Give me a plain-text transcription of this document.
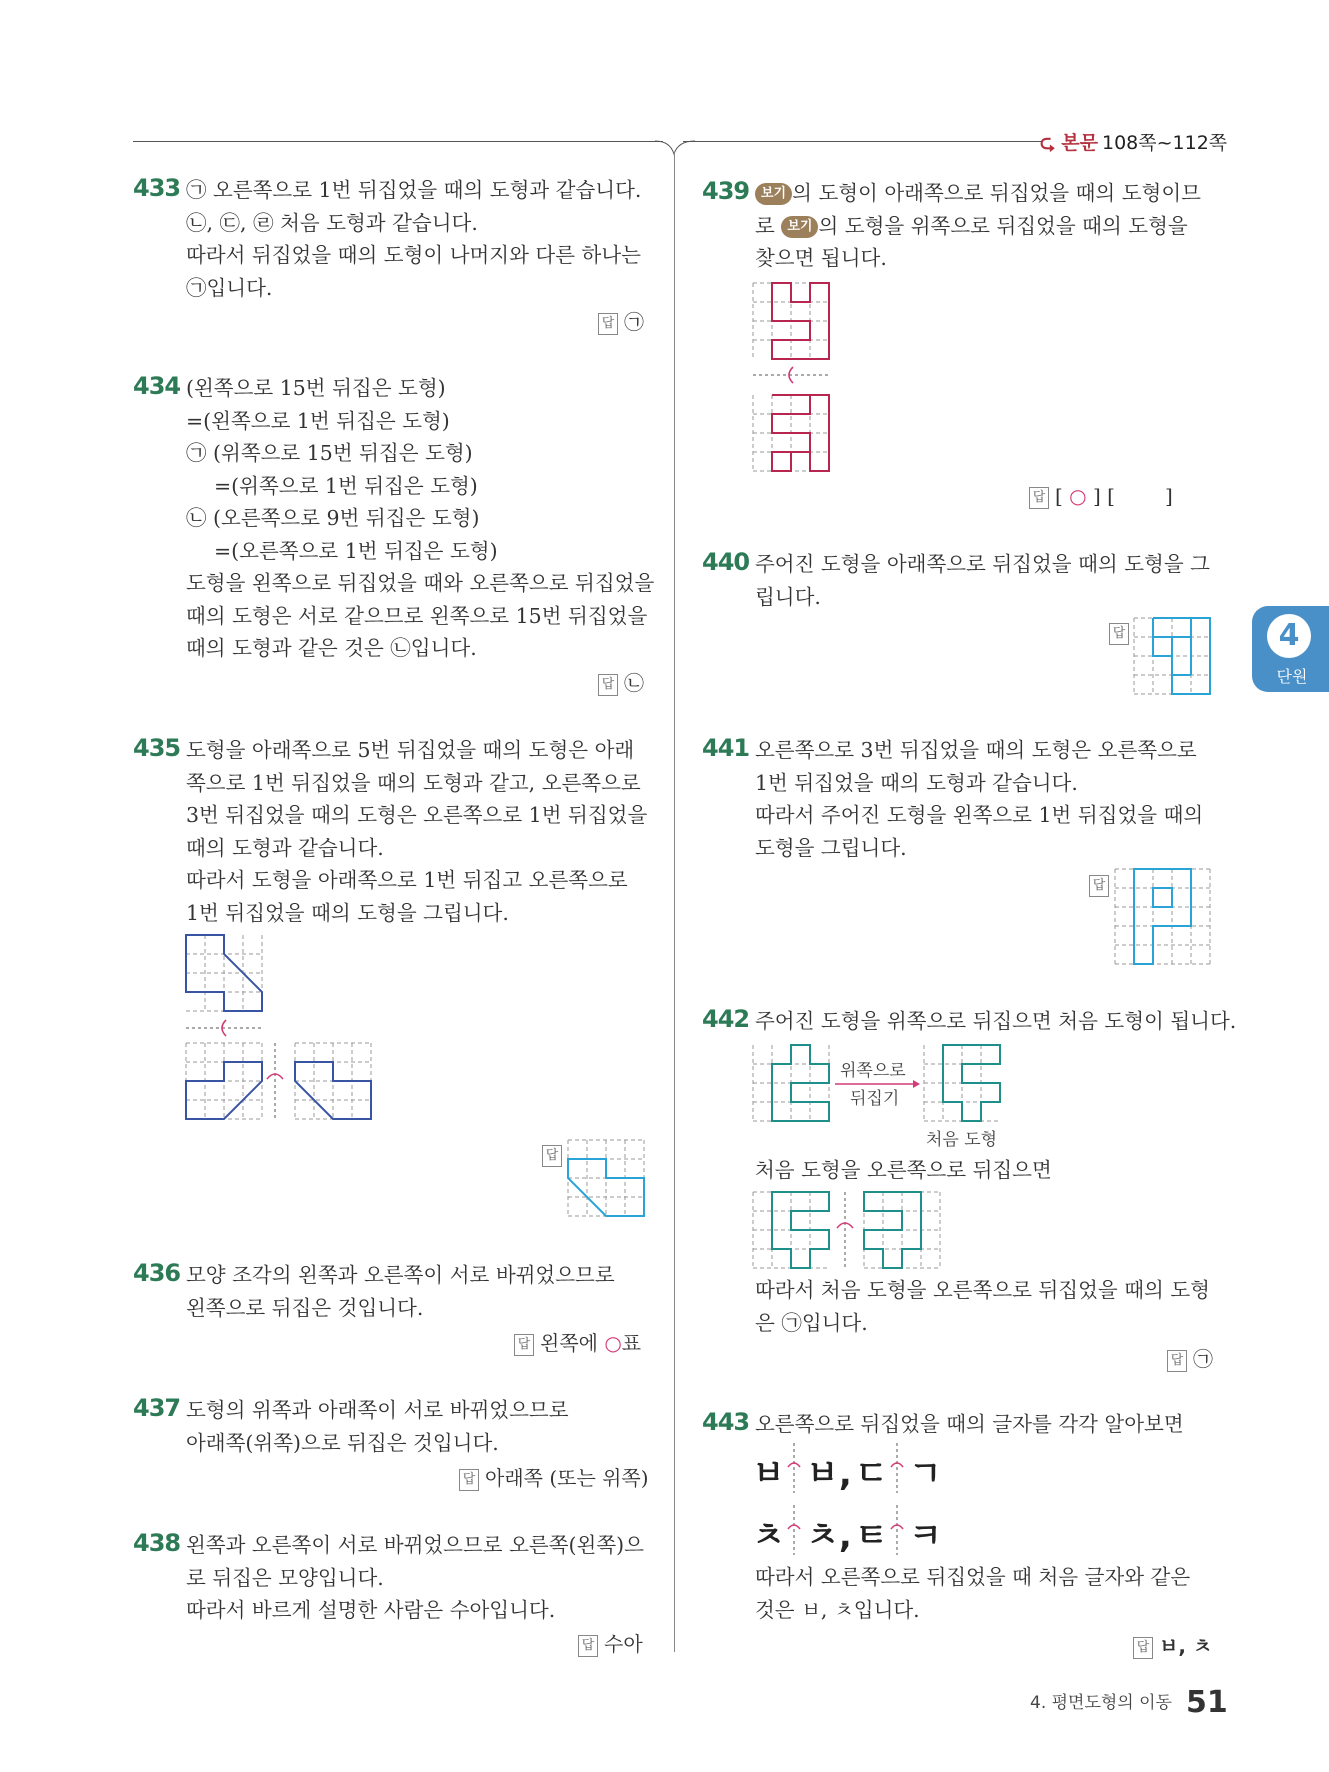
⮎ 본문 108쪽~112쪽
4
단원
433 ㉠ 오른쪽으로 1번 뒤집었을 때의 도형과 같습니다.
㉡, ㉢, ㉣ 처음 도형과 같습니다.
따라서 뒤집었을 때의 도형이 나머지와 다른 하나는
㉠입니다.
답 ㉠
434 (왼쪽으로 15번 뒤집은 도형)
=(왼쪽으로 1번 뒤집은 도형)
㉠ (위쪽으로 15번 뒤집은 도형)
=(위쪽으로 1번 뒤집은 도형)
㉡ (오른쪽으로 9번 뒤집은 도형)
=(오른쪽으로 1번 뒤집은 도형)
도형을 왼쪽으로 뒤집었을 때와 오른쪽으로 뒤집었을
때의 도형은 서로 같으므로 왼쪽으로 15번 뒤집었을
때의 도형과 같은 것은 ㉡입니다.
답 ㉡
435 도형을 아래쪽으로 5번 뒤집었을 때의 도형은 아래
쪽으로 1번 뒤집었을 때의 도형과 같고, 오른쪽으로
3번 뒤집었을 때의 도형은 오른쪽으로 1번 뒤집었을
때의 도형과 같습니다.
따라서 도형을 아래쪽으로 1번 뒤집고 오른쪽으로
1번 뒤집었을 때의 도형을 그립니다.
답
436 모양 조각의 왼쪽과 오른쪽이 서로 바뀌었으므로
왼쪽으로 뒤집은 것입니다.
답 왼쪽에 ○표
437 도형의 위쪽과 아래쪽이 서로 바뀌었으므로
아래쪽(위쪽)으로 뒤집은 것입니다.
답 아래쪽 (또는 위쪽)
438 왼쪽과 오른쪽이 서로 바뀌었으므로 오른쪽(왼쪽)으
로 뒤집은 모양입니다.
따라서 바르게 설명한 사람은 수아입니다.
답 수아
439 보기 의 도형이 아래쪽으로 뒤집었을 때의 도형이므
로 보기 의 도형을 위쪽으로 뒤집었을 때의 도형을
찾으면 됩니다.
답 [ ○ ] [	]
440 주어진 도형을 아래쪽으로 뒤집었을 때의 도형을 그
립니다.
답
441 오른쪽으로 3번 뒤집었을 때의 도형은 오른쪽으로
1번 뒤집었을 때의 도형과 같습니다.
따라서 주어진 도형을 왼쪽으로 1번 뒤집었을 때의
도형을 그립니다.
답
442 주어진 도형을 위쪽으로 뒤집으면 처음 도형이 됩니다.
위쪽으로
뒤집기
처음 도형
처음 도형을 오른쪽으로 뒤집으면
따라서 처음 도형을 오른쪽으로 뒤집었을 때의 도형
은 ㉠입니다.
답 ㉠
443 오른쪽으로 뒤집었을 때의 글자를 각각 알아보면
ㅂ ㅂ, ㄷ ㄱ
ㅊ ㅊ, ㅌ ㅋ
따라서 오른쪽으로 뒤집었을 때 처음 글자와 같은
것은 ㅂ, ㅊ입니다.
답 ㅂ, ㅊ
4. 평면도형의 이동 51
